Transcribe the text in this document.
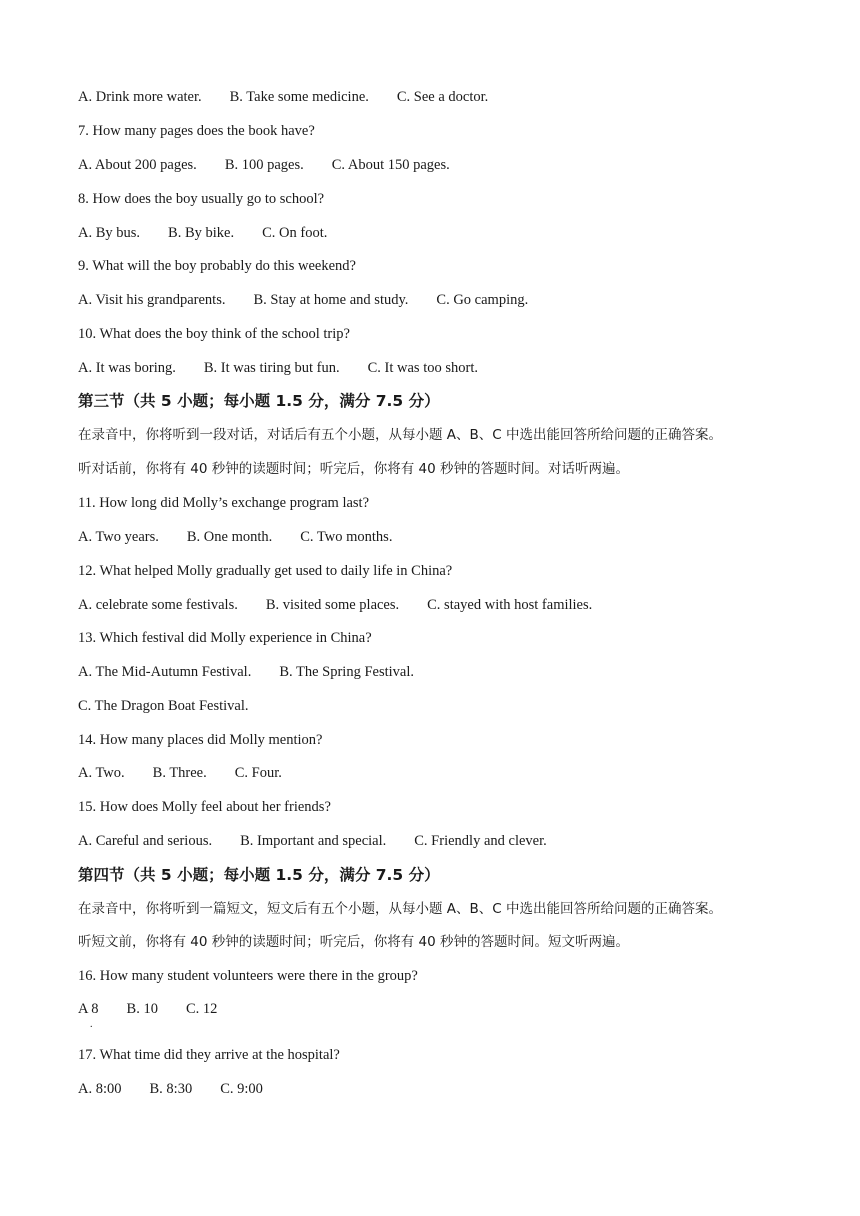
A. Drink more water. B. Take some medicine. C. See a doctor.
7. How many pages does the book have?
A. About 200 pages. B. 100 pages. C. About 150 pages.
8. How does the boy usually go to school?
A. By bus. B. By bike. C. On foot.
9. What will the boy probably do this weekend?
A. Visit his grandparents. B. Stay at home and study. C. Go camping.
10. What does the boy think of the school trip?
A. It was boring. B. It was tiring but fun. C. It was too short.
第三节（共 5 小题；每小题 1.5 分，满分 7.5 分）
在录音中，你将听到一段对话，对话后有五个小题，从每小题 A、B、C 中选出能回答所给问题的正确答案。
听对话前，你将有 40 秒钟的读题时间；听完后，你将有 40 秒钟的答题时间。对话听两遍。
11. How long did Molly’s exchange program last?
A. Two years. B. One month. C. Two months.
12. What helped Molly gradually get used to daily life in China?
A. celebrate some festivals. B. visited some places. C. stayed with host families.
13. Which festival did Molly experience in China?
A. The Mid-Autumn Festival. B. The Spring Festival.
C. The Dragon Boat Festival.
14. How many places did Molly mention?
A. Two. B. Three. C. Four.
15. How does Molly feel about her friends?
A. Careful and serious. B. Important and special. C. Friendly and clever.
第四节（共 5 小题；每小题 1.5 分，满分 7.5 分）
在录音中，你将听到一篇短文，短文后有五个小题，从每小题 A、B、C 中选出能回答所给问题的正确答案。
听短文前，你将有 40 秒钟的读题时间；听完后，你将有 40 秒钟的答题时间。短文听两遍。
16. How many student volunteers were there in the group?
A 8 B. 10 C. 12
17. What time did they arrive at the hospital?
A. 8:00 B. 8:30 C. 9:00
.
